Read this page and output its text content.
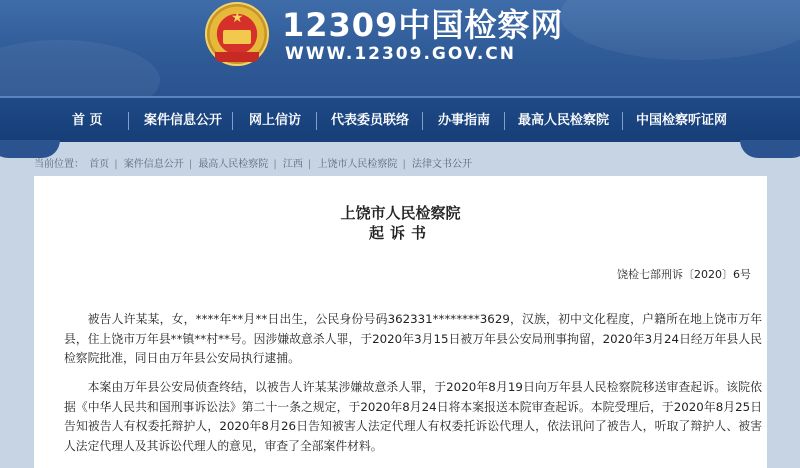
★ 12309中国检察网
WWW.12309.GOV.CN
首 页	案件信息公开 网上信访 代表委员联络 办事指南 最高人民检察院 中国检察听证网
当前位置： 首页 | 案件信息公开 | 最高人民检察院 | 江西 | 上饶市人民检察院 | 法律文书公开
上饶市人民检察院
起诉书
饶检七部刑诉〔2020〕6号

被告人许某某，女，****年**月**日出生，公民身份号码362331********3629，汉族，初中文化程度，户籍所在地上饶市万年县，住上饶市万年县**镇**村**号。因涉嫌故意杀人罪，于2020年3月15日被万年县公安局刑事拘留，2020年3月24日经万年县人民检察院批准，同日由万年县公安局执行逮捕。

本案由万年县公安局侦查终结，以被告人许某某涉嫌故意杀人罪，于2020年8月19日向万年县人民检察院移送审查起诉。该院依据《中华人民共和国刑事诉讼法》第二十一条之规定，于2020年8月24日将本案报送本院审查起诉。本院受理后，于2020年8月25日告知被告人有权委托辩护人，2020年8月26日告知被害人法定代理人有权委托诉讼代理人，依法讯问了被告人，听取了辩护人、被害人法定代理人及其诉讼代理人的意见，审查了全部案件材料。
